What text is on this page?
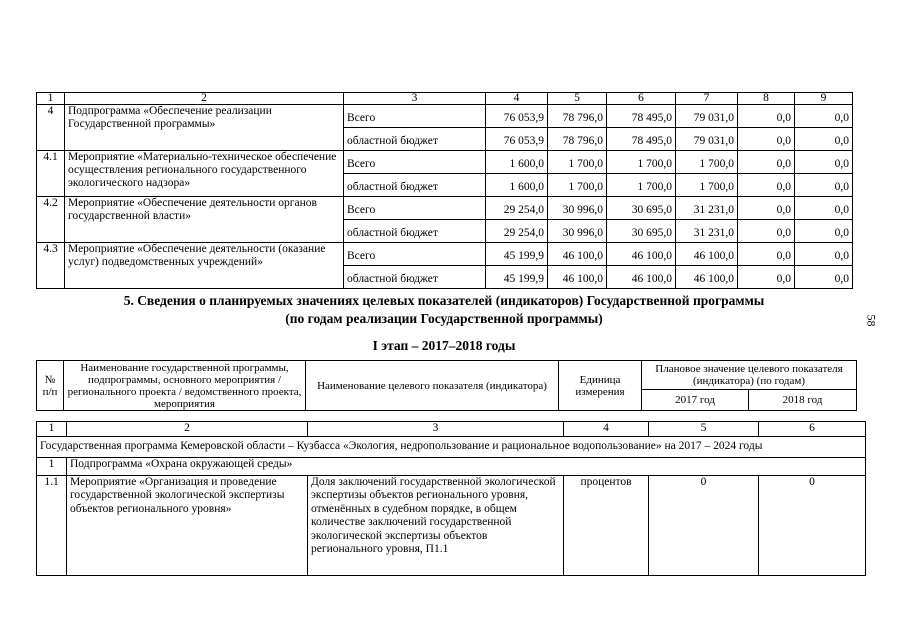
1	2	3	4	5	6	7	8	9
4	Подпрограмма «Обеспечение реализации Государственной программы»	Всего	76 053,9	78 796,0	78 495,0	79 031,0	0,0	0,0
		областной бюджет	76 053,9	78 796,0	78 495,0	79 031,0	0,0	0,0
4.1	Мероприятие «Материально-техническое обеспечение осуществления регионального государственного экологического надзора»	Всего	1 600,0	1 700,0	1 700,0	1 700,0	0,0	0,0
		областной бюджет	1 600,0	1 700,0	1 700,0	1 700,0	0,0	0,0
4.2	Мероприятие «Обеспечение деятельности органов государственной власти»	Всего	29 254,0	30 996,0	30 695,0	31 231,0	0,0	0,0
		областной бюджет	29 254,0	30 996,0	30 695,0	31 231,0	0,0	0,0
4.3	Мероприятие «Обеспечение деятельности (оказание услуг) подведомственных учреждений»	Всего	45 199,9	46 100,0	46 100,0	46 100,0	0,0	0,0
		областной бюджет	45 199,9	46 100,0	46 100,0	46 100,0	0,0	0,0
5. Сведения о планируемых значениях целевых показателей (индикаторов) Государственной программы
(по годам реализации Государственной программы)
I этап – 2017–2018 годы
58
№ п/п	Наименование государственной программы, подпрограммы, основного мероприятия / регионального проекта / ведомственного проекта, мероприятия	Наименование целевого показателя (индикатора)	Единица измерения	Плановое значение целевого показателя (индикатора) (по годам)	
				2017 год	2018 год
1	2	3	4	5	6
Государственная программа Кемеровской области – Кузбасса «Экология, недропользование и рациональное водопользование» на 2017 – 2024 годы					
1	Подпрограмма «Охрана окружающей среды»				
1.1	Мероприятие «Организация и проведение государственной экологической экспертизы объектов регионального уровня»	Доля заключений государственной экологической экспертизы объектов регионального уровня, отменённых в судебном порядке, в общем количестве заключений государственной экологической экспертизы объектов регионального уровня, П1.1	процентов	0	0
